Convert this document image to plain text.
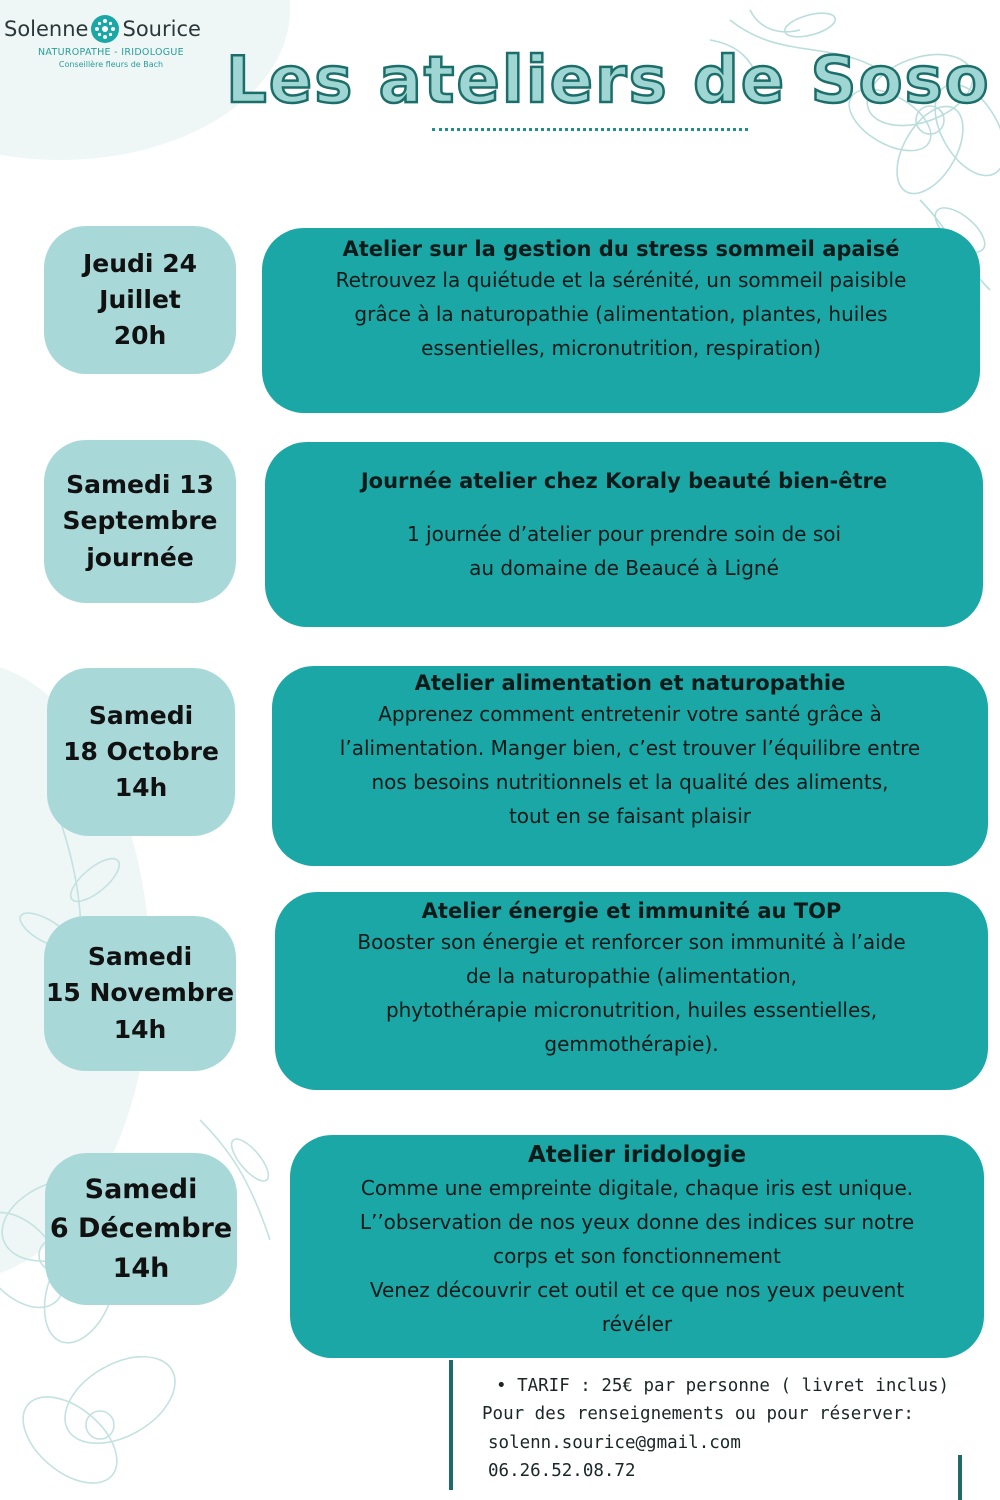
Solenne Sourice
NATUROPATHE - IRIDOLOGUE
Conseillère fleurs de Bach Les ateliers de Soso
Jeudi 24
Juillet
20h
Atelier sur la gestion du stress sommeil apaisé
Retrouvez la quiétude et la sérénité, un sommeil paisible
grâce à la naturopathie (alimentation, plantes, huiles
essentielles, micronutrition, respiration)
Samedi 13
Septembre
journée
Journée atelier chez Koraly beauté bien-être
1 journée d’atelier pour prendre soin de soi
au domaine de Beaucé à Ligné
Samedi
18 Octobre
14h
Atelier alimentation et naturopathie
Apprenez comment entretenir votre santé grâce à
l’alimentation. Manger bien, c’est trouver l’équilibre entre
nos besoins nutritionnels et la qualité des aliments,
tout en se faisant plaisir
Samedi
15 Novembre
14h
Atelier énergie et immunité au TOP
Booster son énergie et renforcer son immunité à l’aide
de la naturopathie (alimentation,
phytothérapie micronutrition, huiles essentielles,
gemmothérapie).
Samedi
6 Décembre
14h
Atelier iridologie
Comme une empreinte digitale, chaque iris est unique.
L’’observation de nos yeux donne des indices sur notre
corps et son fonctionnement
Venez découvrir cet outil et ce que nos yeux peuvent
révéler
• TARIF : 25€ par personne ( livret inclus)
Pour des renseignements ou pour réserver:
solenn.sourice@gmail.com
06.26.52.08.72
